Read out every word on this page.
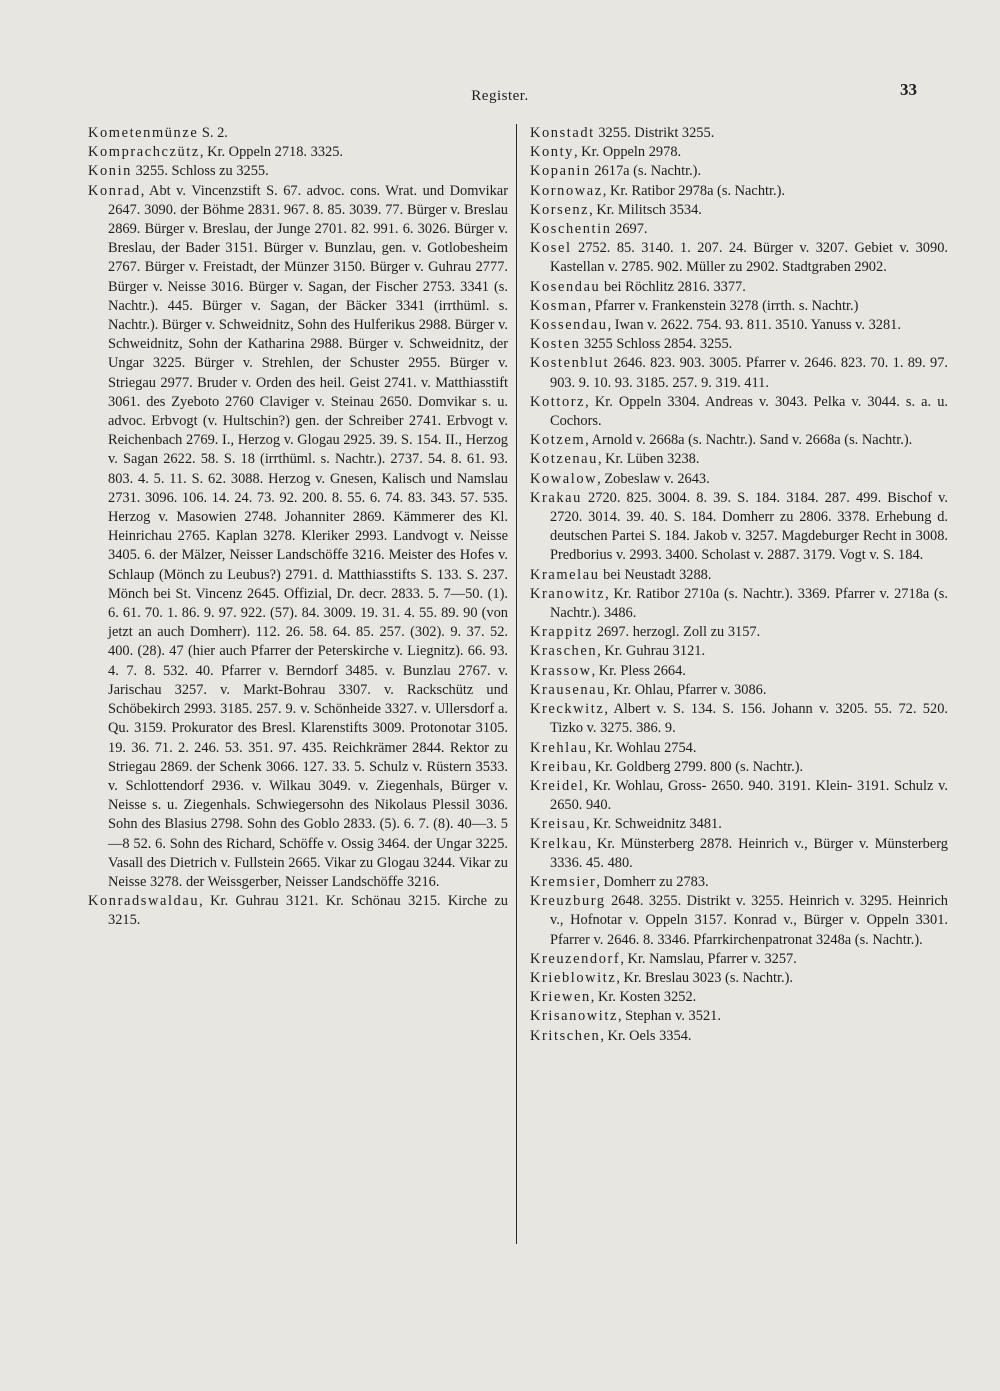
Register.	33

Kometenmünze S. 2.

Komprachczütz, Kr. Oppeln 2718. 3325.

Konin 3255. Schloss zu 3255.

Konrad, Abt v. Vincenzstift S. 67. advoc. cons. Wrat. und Domvikar 2647. 3090. der Böhme 2831. 967. 8. 85. 3039. 77. Bürger v. Breslau 2869. Bürger v. Breslau, der Junge 2701. 82. 991. 6. 3026. Bürger v. Breslau, der Bader 3151. Bürger v. Bunzlau, gen. v. Gotlobesheim 2767. Bürger v. Freistadt, der Münzer 3150. Bürger v. Guhrau 2777. Bürger v. Neisse 3016. Bürger v. Sagan, der Fischer 2753. 3341 (s. Nachtr.). 445. Bürger v. Sagan, der Bäcker 3341 (irrthüml. s. Nachtr.). Bürger v. Schweidnitz, Sohn des Hulferikus 2988. Bürger v. Schweidnitz, Sohn der Katharina 2988. Bürger v. Schweidnitz, der Ungar 3225. Bürger v. Strehlen, der Schuster 2955. Bürger v. Striegau 2977. Bruder v. Orden des heil. Geist 2741. v. Matthiasstift 3061. des Zyeboto 2760 Claviger v. Steinau 2650. Domvikar s. u. advoc. Erbvogt (v. Hultschin?) gen. der Schreiber 2741. Erbvogt v. Reichenbach 2769. I., Herzog v. Glogau 2925. 39. S. 154. II., Herzog v. Sagan 2622. 58. S. 18 (irrthüml. s. Nachtr.). 2737. 54. 8. 61. 93. 803. 4. 5. 11. S. 62. 3088. Herzog v. Gnesen, Kalisch und Namslau 2731. 3096. 106. 14. 24. 73. 92. 200. 8. 55. 6. 74. 83. 343. 57. 535. Herzog v. Masowien 2748. Johanniter 2869. Kämmerer des Kl. Heinrichau 2765. Kaplan 3278. Kleriker 2993. Landvogt v. Neisse 3405. 6. der Mälzer, Neisser Landschöffe 3216. Meister des Hofes v. Schlaup (Mönch zu Leubus?) 2791. d. Matthiasstifts S. 133. S. 237. Mönch bei St. Vincenz 2645. Offizial, Dr. decr. 2833. 5. 7—50. (1). 6. 61. 70. 1. 86. 9. 97. 922. (57). 84. 3009. 19. 31. 4. 55. 89. 90 (von jetzt an auch Domherr). 112. 26. 58. 64. 85. 257. (302). 9. 37. 52. 400. (28). 47 (hier auch Pfarrer der Peterskirche v. Liegnitz). 66. 93. 4. 7. 8. 532. 40. Pfarrer v. Berndorf 3485. v. Bunzlau 2767. v. Jarischau 3257. v. Markt-Bohrau 3307. v. Rackschütz und Schöbekirch 2993. 3185. 257. 9. v. Schönheide 3327. v. Ullersdorf a. Qu. 3159. Prokurator des Bresl. Klarenstifts 3009. Protonotar 3105. 19. 36. 71. 2. 246. 53. 351. 97. 435. Reichkrämer 2844. Rektor zu Striegau 2869. der Schenk 3066. 127. 33. 5. Schulz v. Rüstern 3533. v. Schlottendorf 2936. v. Wilkau 3049. v. Ziegenhals, Bürger v. Neisse s. u. Ziegenhals. Schwiegersohn des Nikolaus Plessil 3036. Sohn des Blasius 2798. Sohn des Goblo 2833. (5). 6. 7. (8). 40—3. 5—8 52. 6. Sohn des Richard, Schöffe v. Ossig 3464. der Ungar 3225. Vasall des Dietrich v. Fullstein 2665. Vikar zu Glogau 3244. Vikar zu Neisse 3278. der Weissgerber, Neisser Landschöffe 3216.

Konradswaldau, Kr. Guhrau 3121. Kr. Schönau 3215. Kirche zu 3215.

Konstadt 3255. Distrikt 3255.

Konty, Kr. Oppeln 2978.

Kopanin 2617a (s. Nachtr.).

Kornowaz, Kr. Ratibor 2978a (s. Nachtr.).

Korsenz, Kr. Militsch 3534.

Koschentin 2697.

Kosel 2752. 85. 3140. 1. 207. 24. Bürger v. 3207. Gebiet v. 3090. Kastellan v. 2785. 902. Müller zu 2902. Stadtgraben 2902.

Kosendau bei Röchlitz 2816. 3377.

Kosman, Pfarrer v. Frankenstein 3278 (irrth. s. Nachtr.)

Kossendau, Iwan v. 2622. 754. 93. 811. 3510. Yanuss v. 3281.

Kosten 3255 Schloss 2854. 3255.

Kostenblut 2646. 823. 903. 3005. Pfarrer v. 2646. 823. 70. 1. 89. 97. 903. 9. 10. 93. 3185. 257. 9. 319. 411.

Kottorz, Kr. Oppeln 3304. Andreas v. 3043. Pelka v. 3044. s. a. u. Cochors.

Kotzem, Arnold v. 2668a (s. Nachtr.). Sand v. 2668a (s. Nachtr.).

Kotzenau, Kr. Lüben 3238.

Kowalow, Zobeslaw v. 2643.

Krakau 2720. 825. 3004. 8. 39. S. 184. 3184. 287. 499. Bischof v. 2720. 3014. 39. 40. S. 184. Domherr zu 2806. 3378. Erhebung d. deutschen Partei S. 184. Jakob v. 3257. Magdeburger Recht in 3008. Predborius v. 2993. 3400. Scholast v. 2887. 3179. Vogt v. S. 184.

Kramelau bei Neustadt 3288.

Kranowitz, Kr. Ratibor 2710a (s. Nachtr.). 3369. Pfarrer v. 2718a (s. Nachtr.). 3486.

Krappitz 2697. herzogl. Zoll zu 3157.

Kraschen, Kr. Guhrau 3121.

Krassow, Kr. Pless 2664.

Krausenau, Kr. Ohlau, Pfarrer v. 3086.

Kreckwitz, Albert v. S. 134. S. 156. Johann v. 3205. 55. 72. 520. Tizko v. 3275. 386. 9.

Krehlau, Kr. Wohlau 2754.

Kreibau, Kr. Goldberg 2799. 800 (s. Nachtr.).

Kreidel, Kr. Wohlau, Gross- 2650. 940. 3191. Klein- 3191. Schulz v. 2650. 940.

Kreisau, Kr. Schweidnitz 3481.

Krelkau, Kr. Münsterberg 2878. Heinrich v., Bürger v. Münsterberg 3336. 45. 480.

Kremsier, Domherr zu 2783.

Kreuzburg 2648. 3255. Distrikt v. 3255. Heinrich v. 3295. Heinrich v., Hofnotar v. Oppeln 3157. Konrad v., Bürger v. Oppeln 3301. Pfarrer v. 2646. 8. 3346. Pfarrkirchenpatronat 3248a (s. Nachtr.).

Kreuzendorf, Kr. Namslau, Pfarrer v. 3257.

Krieblowitz, Kr. Breslau 3023 (s. Nachtr.).

Kriewen, Kr. Kosten 3252.

Krisanowitz, Stephan v. 3521.

Kritschen, Kr. Oels 3354.
